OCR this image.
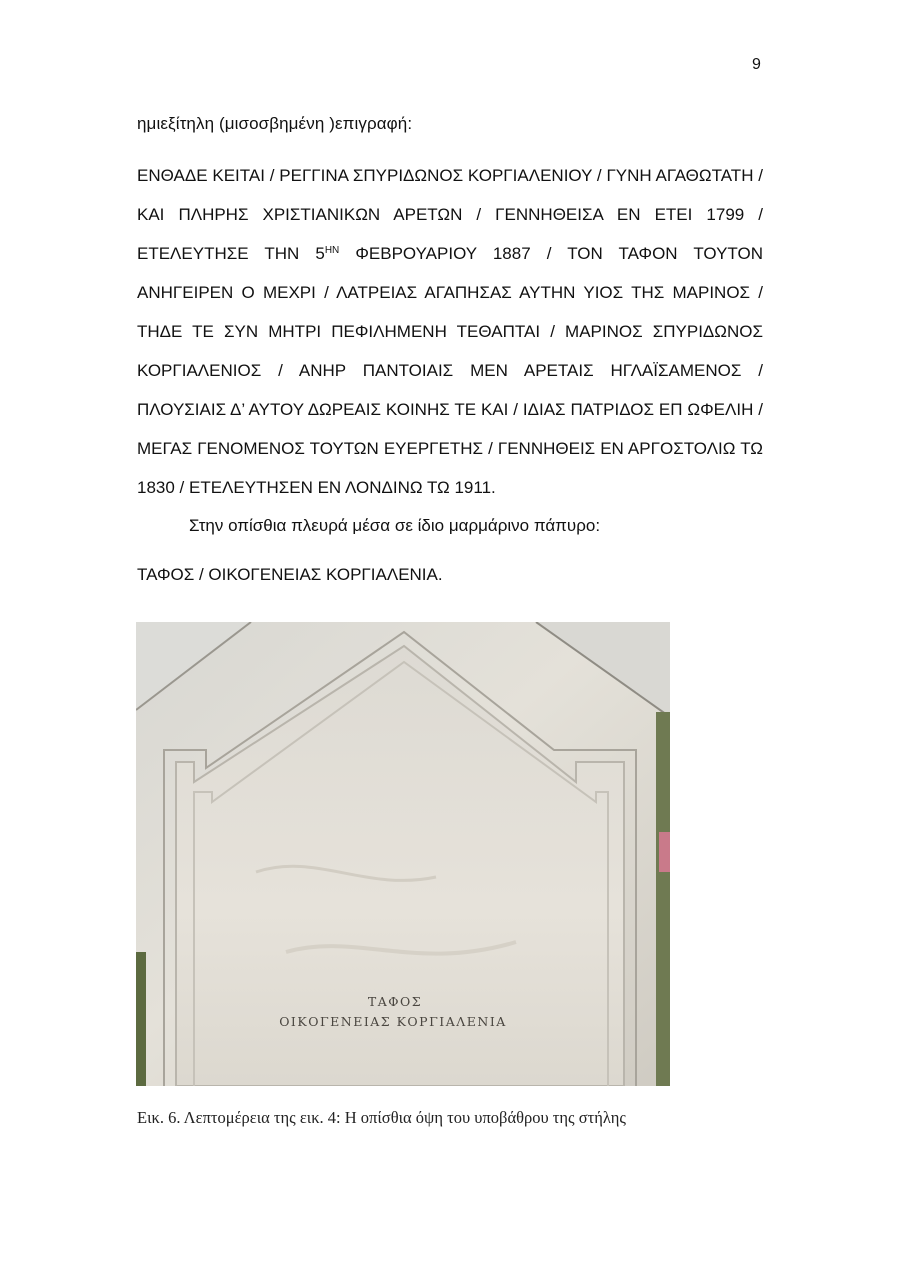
9
ημιεξίτηλη (μισοσβημένη )επιγραφή:
ΕΝΘΑΔΕ ΚΕΙΤΑΙ / ΡΕΓΓΙΝΑ ΣΠΥΡΙΔΩΝΟΣ ΚΟΡΓΙΑΛΕΝΙΟΥ / ΓΥΝΗ ΑΓΑΘΩΤΑΤΗ / ΚΑΙ ΠΛΗΡΗΣ ΧΡΙΣΤΙΑΝΙΚΩΝ ΑΡΕΤΩΝ / ΓΕΝΝΗΘΕΙΣΑ ΕΝ ΕΤΕΙ 1799 / ΕΤΕΛΕΥΤΗΣΕ ΤΗΝ $5^{HN}$ ΦΕΒΡΟΥΑΡΙΟΥ 1887 / ΤΟΝ ΤΑΦΟΝ ΤΟΥΤΟΝ ΑΝΗΓΕΙΡΕΝ Ο ΜΕΧΡΙ / ΛΑΤΡΕΙΑΣ ΑΓΑΠΗΣΑΣ ΑΥΤΗΝ ΥΙΟΣ ΤΗΣ ΜΑΡΙΝΟΣ / ΤΗΔΕ ΤΕ ΣΥΝ ΜΗΤΡΙ ΠΕΦΙΛΗΜΕΝΗ ΤΕΘΑΠΤΑΙ / ΜΑΡΙΝΟΣ ΣΠΥΡΙΔΩΝΟΣ ΚΟΡΓΙΑΛΕΝΙΟΣ / ΑΝΗΡ ΠΑΝΤΟΙΑΙΣ ΜΕΝ ΑΡΕΤΑΙΣ ΗΓΛΑΪΣΑΜΕΝΟΣ / ΠΛΟΥΣΙΑΙΣ Δ’ ΑΥΤΟΥ ΔΩΡΕΑΙΣ ΚΟΙΝΗΣ ΤΕ ΚΑΙ / ΙΔΙΑΣ ΠΑΤΡΙΔΟΣ ΕΠ ΩΦΕΛΙΗ / ΜΕΓΑΣ ΓΕΝΟΜΕΝΟΣ ΤΟΥΤΩΝ ΕΥΕΡΓΕΤΗΣ / ΓΕΝΝΗΘΕΙΣ ΕΝ ΑΡΓΟΣΤΟΛΙΩ ΤΩ 1830 / ΕΤΕΛΕΥΤΗΣΕΝ ΕΝ ΛΟΝΔΙΝΩ ΤΩ 1911.
Στην οπίσθια πλευρά μέσα σε ίδιο μαρμάρινο πάπυρο:
ΤΑΦΟΣ / ΟΙΚΟΓΕΝΕΙΑΣ ΚΟΡΓΙΑΛΕΝΙΑ.
ΤΑΦΟΣ
ΟΙΚΟΓΕΝΕΙΑΣ ΚΟΡΓΙΑΛΕΝΙΑ
Εικ. 6. Λεπτομέρεια της εικ. 4: Η οπίσθια όψη του υποβάθρου της στήλης
